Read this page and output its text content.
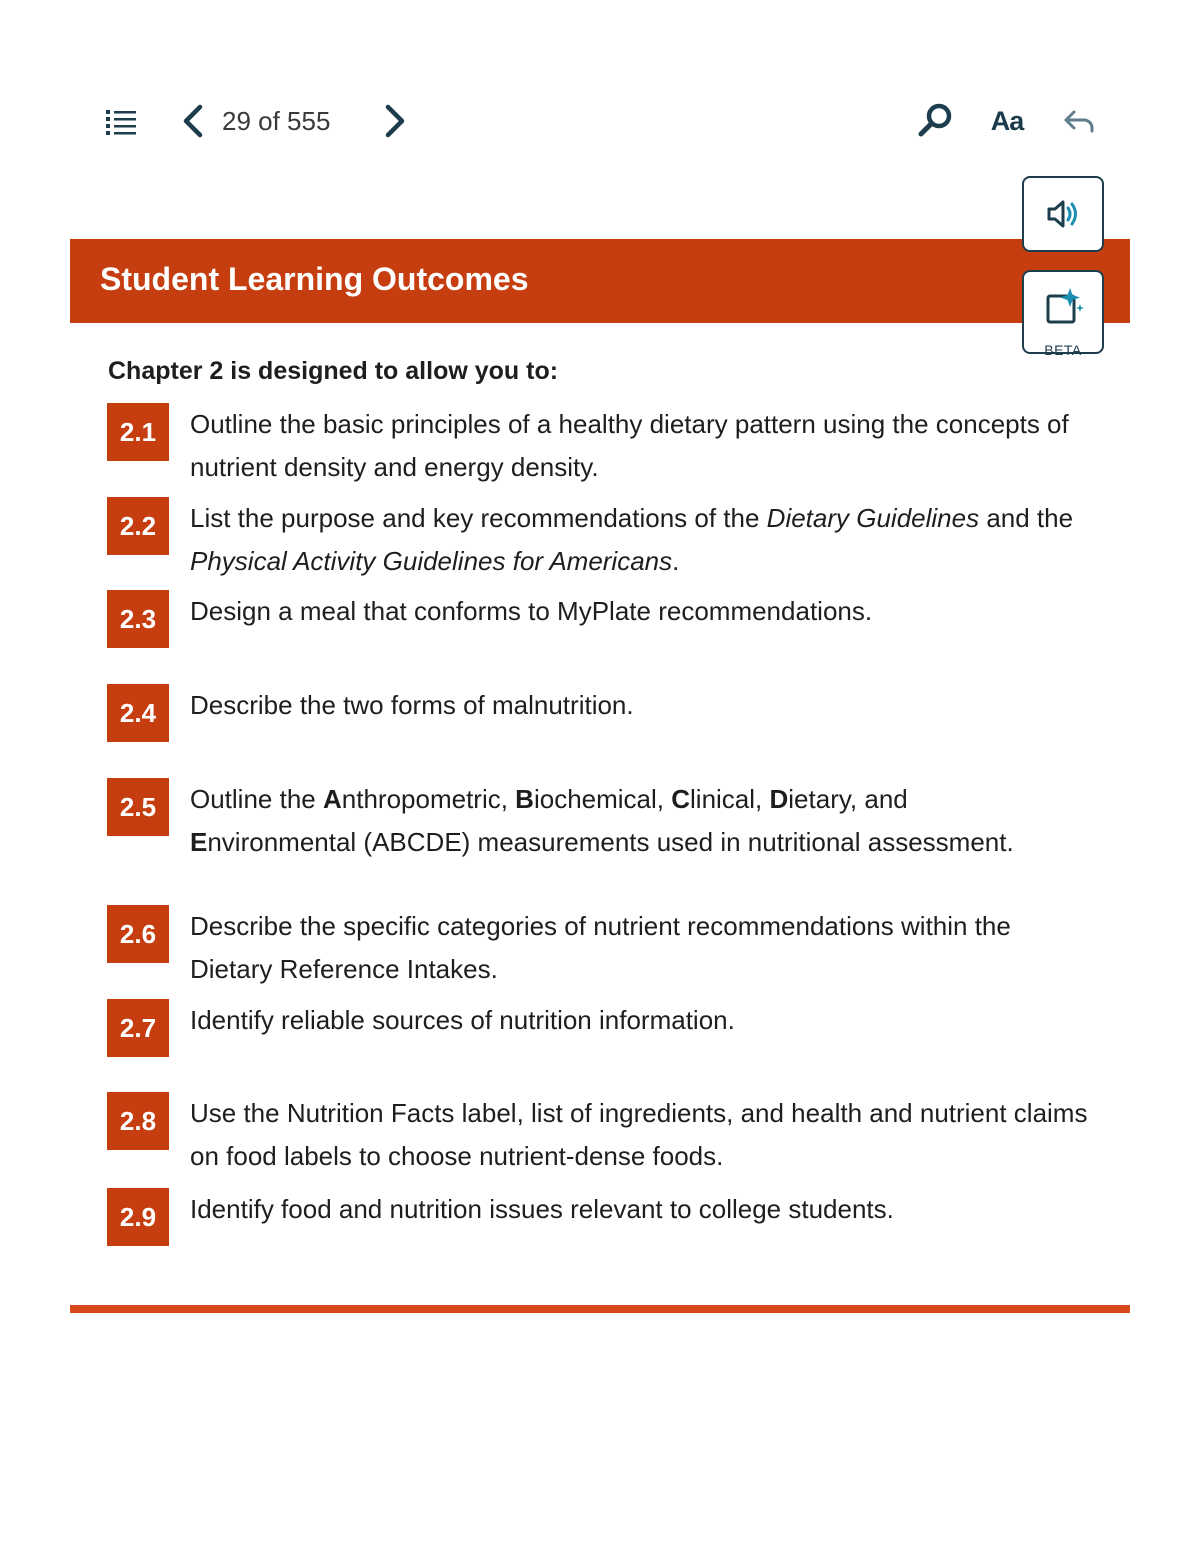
29 of 555	Aa
BETA
Student Learning Outcomes
Chapter 2 is designed to allow you to:
2.1	Outline the basic principles of a healthy dietary pattern using the concepts of nutrient density and energy density.
2.2	List the purpose and key recommendations of the Dietary Guidelines and the Physical Activity Guidelines for Americans.
2.3	Design a meal that conforms to MyPlate recommendations.
2.4	Describe the two forms of malnutrition.
2.5	Outline the Anthropometric, Biochemical, Clinical, Dietary, and
Environmental (ABCDE) measurements used in nutritional assessment.
2.6	Describe the specific categories of nutrient recommendations within the Dietary Reference Intakes.
2.7	Identify reliable sources of nutrition information.
2.8	Use the Nutrition Facts label, list of ingredients, and health and nutrient claims on food labels to choose nutrient-dense foods.
2.9	Identify food and nutrition issues relevant to college students.
